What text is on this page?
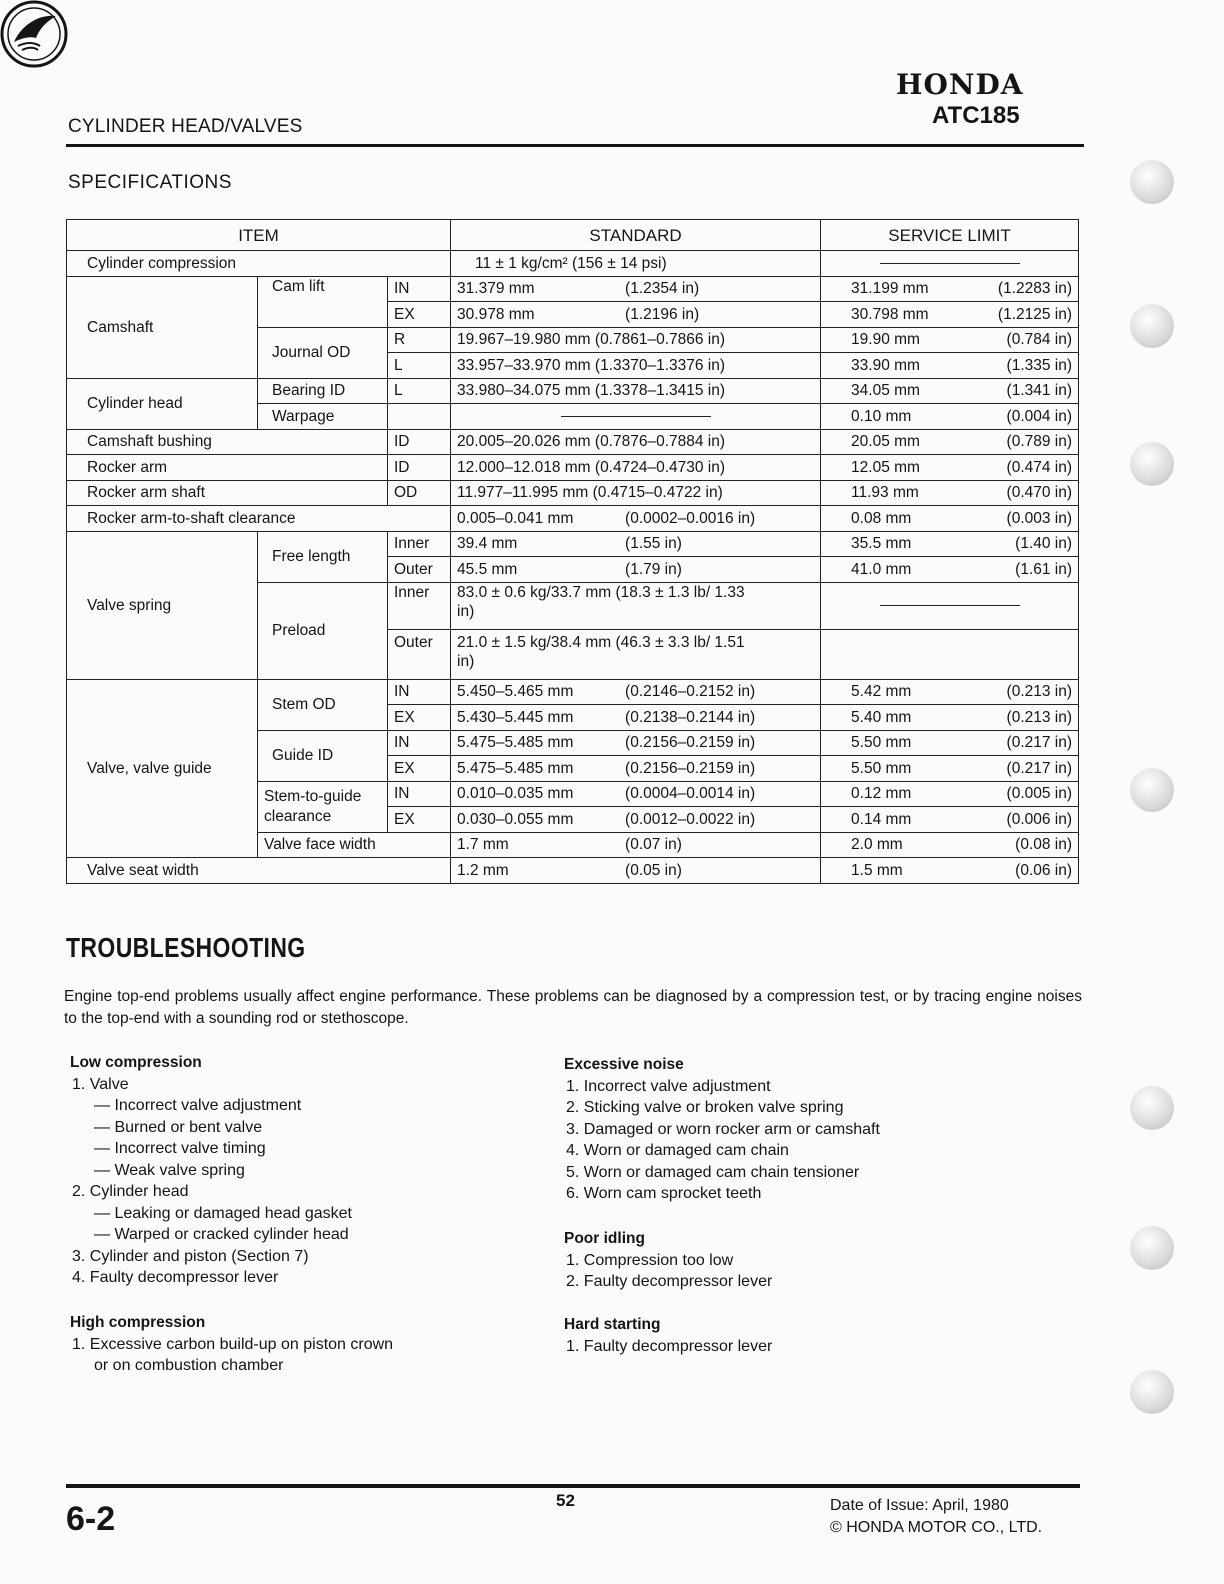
CYLINDER HEAD/VALVES
HONDA
ATC185
SPECIFICATIONS
ITEM			STANDARD	SERVICE LIMIT
Cylinder compression			11 ± 1 kg/cm² (156 ± 14 psi)	
Camshaft	Cam lift	IN	31.379 mm (1.2354 in)	31.199 mm (1.2283 in)

		EX	30.978 mm (1.2196 in)	30.798 mm (1.2125 in)

	Journal OD	R	19.967–19.980 mm (0.7861–0.7866 in)	19.90 mm (0.784 in)

		L	33.957–33.970 mm (1.3370–1.3376 in)	33.90 mm (1.335 in)

Cylinder head	Bearing ID	L	33.980–34.075 mm (1.3378–1.3415 in)	34.05 mm (1.341 in)

	Warpage			0.10 mm (0.004 in)

Camshaft bushing		ID	20.005–20.026 mm (0.7876–0.7884 in)	20.05 mm (0.789 in)

Rocker arm		ID	12.000–12.018 mm (0.4724–0.4730 in)	12.05 mm (0.474 in)

Rocker arm shaft		OD	11.977–11.995 mm (0.4715–0.4722 in)	11.93 mm (0.470 in)

Rocker arm-to-shaft clearance			0.005–0.041 mm (0.0002–0.0016 in)	0.08 mm (0.003 in)

Valve spring	Free length	Inner	39.4 mm (1.55 in)	35.5 mm (1.40 in)

		Outer	45.5 mm (1.79 in)	41.0 mm (1.61 in)

	Preload	Inner	83.0 ± 0.6 kg/33.7 mm (18.3 ± 1.3 lb/ 1.33 in)	
		Outer	21.0 ± 1.5 kg/38.4 mm (46.3 ± 3.3 lb/ 1.51 in)	
Valve, valve guide	Stem OD	IN	5.450–5.465 mm (0.2146–0.2152 in)	5.42 mm (0.213 in)

		EX	5.430–5.445 mm (0.2138–0.2144 in)	5.40 mm (0.213 in)

	Guide ID	IN	5.475–5.485 mm (0.2156–0.2159 in)	5.50 mm (0.217 in)

		EX	5.475–5.485 mm (0.2156–0.2159 in)	5.50 mm (0.217 in)

	Stem-to-guide clearance	IN	0.010–0.035 mm (0.0004–0.0014 in)	0.12 mm (0.005 in)

		EX	0.030–0.055 mm (0.0012–0.0022 in)	0.14 mm (0.006 in)

	Valve face width		1.7 mm (0.07 in)	2.0 mm (0.08 in)

Valve seat width			1.2 mm (0.05 in)	1.5 mm (0.06 in)
TROUBLESHOOTING
Engine top-end problems usually affect engine performance. These problems can be diagnosed by a compression test, or by tracing engine noises to the top-end with a sounding rod or stethoscope.
Low compression
1. Valve
— Incorrect valve adjustment
— Burned or bent valve
— Incorrect valve timing
— Weak valve spring
2. Cylinder head
— Leaking or damaged head gasket
— Warped or cracked cylinder head
3. Cylinder and piston (Section 7)
4. Faulty decompressor lever
High compression
1. Excessive carbon build-up on piston crown
or on combustion chamber
Excessive noise
1. Incorrect valve adjustment
2. Sticking valve or broken valve spring
3. Damaged or worn rocker arm or camshaft
4. Worn or damaged cam chain
5. Worn or damaged cam chain tensioner
6. Worn cam sprocket teeth
Poor idling
1. Compression too low
2. Faulty decompressor lever
Hard starting
1. Faulty decompressor lever
6-2	52	Date of Issue: April, 1980
© HONDA MOTOR CO., LTD.
